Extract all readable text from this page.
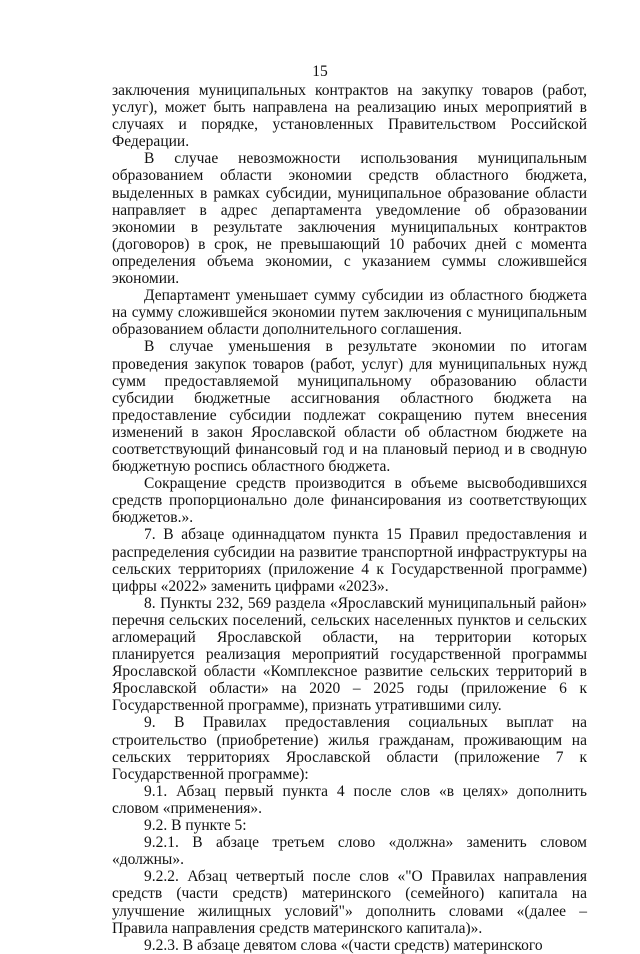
15

заключения муниципальных контрактов на закупку товаров (работ, услуг), может быть направлена на реализацию иных мероприятий в случаях и порядке, установленных Правительством Российской Федерации.

В случае невозможности использования муниципальным образованием области экономии средств областного бюджета, выделенных в рамках субсидии, муниципальное образование области направляет в адрес департамента уведомление об образовании экономии в результате заключения муниципальных контрактов (договоров) в срок, не превышающий 10 рабочих дней с момента определения объема экономии, с указанием суммы сложившейся экономии.

Департамент уменьшает сумму субсидии из областного бюджета на сумму сложившейся экономии путем заключения с муниципальным образованием области дополнительного соглашения.

В случае уменьшения в результате экономии по итогам проведения закупок товаров (работ, услуг) для муниципальных нужд сумм предоставляемой муниципальному образованию области субсидии бюджетные ассигнования областного бюджета на предоставление субсидии подлежат сокращению путем внесения изменений в закон Ярославской области об областном бюджете на соответствующий финансовый год и на плановый период и в сводную бюджетную роспись областного бюджета.

Сокращение средств производится в объеме высвободившихся средств пропорционально доле финансирования из соответствующих бюджетов.».

7. В абзаце одиннадцатом пункта 15 Правил предоставления и распределения субсидии на развитие транспортной инфраструктуры на сельских территориях (приложение 4 к Государственной программе) цифры «2022» заменить цифрами «2023».

8. Пункты 232, 569 раздела «Ярославский муниципальный район» перечня сельских поселений, сельских населенных пунктов и сельских агломераций Ярославской области, на территории которых планируется реализация мероприятий государственной программы Ярославской области «Комплексное развитие сельских территорий в Ярославской области» на 2020 – 2025 годы (приложение 6 к Государственной программе), признать утратившими силу.

9. В Правилах предоставления социальных выплат на строительство (приобретение) жилья гражданам, проживающим на сельских территориях Ярославской области (приложение 7 к Государственной программе):

9.1. Абзац первый пункта 4 после слов «в целях» дополнить словом «применения».

9.2. В пункте 5:

9.2.1. В абзаце третьем слово «должна» заменить словом «должны».

9.2.2. Абзац четвертый после слов «"О Правилах направления средств (части средств) материнского (семейного) капитала на улучшение жилищных условий"» дополнить словами «(далее – Правила направления средств материнского капитала)».

9.2.3. В абзаце девятом слова «(части средств) материнского
